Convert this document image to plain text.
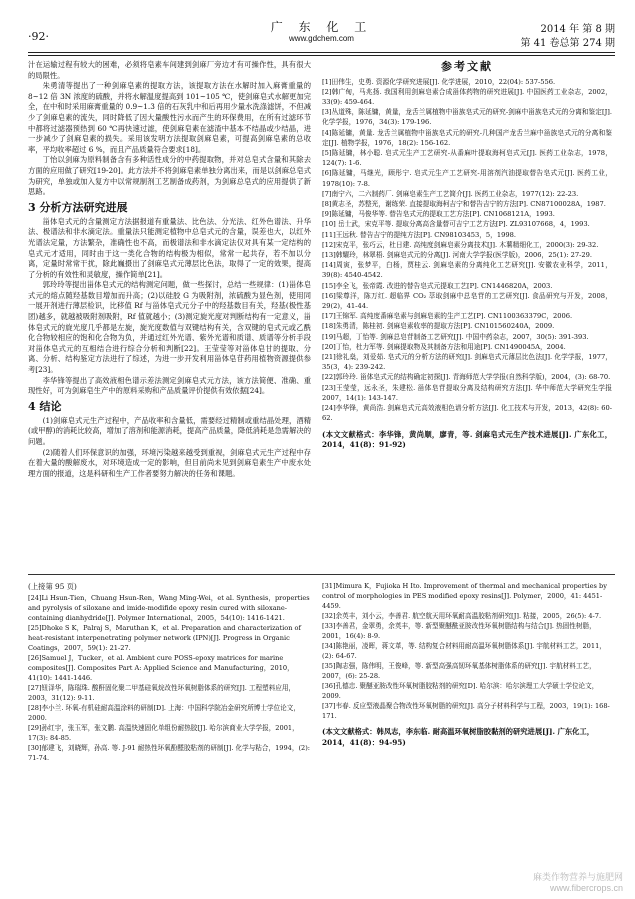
·92·
广 东 化 工
www.gdchem.com
2014 年 第 8 期
第 41 卷总第 274 期

汁在运输过程有较大的困难，必须将皂素车间建到剑麻厂旁边才有可操作性，具有很大的局限性。

朱勇清等提出了一种剑麻皂素的提取方法，该提取方法在水解时加入麻膏重量的 8~12 倍 3N 浓度的硫酸，并将水解温度提高到 101~105 ℃，使剑麻皂式水解更加完全，在中和时采用麻膏重量的 0.9~1.3 倍的石灰乳中和后再用少量水洗涤滤饼，不但减少了剑麻皂素的流失，同时降低了因大量酸性污水而产生的环保费用，在所有过滤环节中都将过滤器预热到 60 ℃再快速过滤，使剑麻皂素在滤渣中基本不结晶或少结晶，进一步减少了剑麻皂素的损失。采用该发明方法提取剑麻皂素，可提高剑麻皂素的总收率，平均收率超过 6 %，而且产品质量符合要求[18]。

丁怡以剑麻为原料制备含有多种活性成分的中药提取物，并对总皂式含量和其除去方面的应用做了研究[19-20]。此方法并不将剑麻皂素单独分离出来，而是以剑麻总皂式为研究，单独或加入复方中以常规制剂工艺制备成药剂，为剑麻总皂式的应用提供了新思路。

3 分析方法研究进展

甾体皂式元的含量测定方法据报道有重量法、比色法、分光法、红外色谱法、升华法、极谱法和非水滴定法。重量法只能测定植物中总皂式元的含量，误差也大，以红外光谱法定量，方法繁杂，准确性也不高，而极谱法和非水滴定法仅对具有某一定结构的皂式元才适用，同时由于这一类化合物的结构极为相似，常常一起共存，若不加以分离，定量时常常干扰，除此巍摄出了剑麻皂式元薄层比色法，取得了一定的效果，提高了分析的有效性和灵敏度，操作简单[21]。

郭玲玲等提出甾体皂式元的结构测定问题，做一些探讨，总结一些规律：(1)甾体皂式元的熔点随羟基数目增加而升高；(2)以硅胶 G 为吸附剂，浓硫酸为显色剂，使用同一展开剂进行薄层检识，比移值 Rf 与甾体皂式元分子中的羟基数目有关，羟基(极性基团)越多，就越被吸附剂吸附，Rf 值就越小；(3)测定旋光度对判断结构有一定意义，甾体皂式元的旋光度几乎都是左旋，旋光度数值与双键结构有关，含双键的皂式元或乙酰化合物较相应的饱和化合物为负，并通过红外光谱、紫外光谱和质谱、质谱等分析手段对甾体皂式元的互相结合进行综合分析和判断[22]。王莹莹等对甾体皂甘的提取、分离、分析、结构鉴定方法进行了综述，为进一步开发利用甾体皂苷药用植物资源提供参考[23]。

李华锋等提出了高效液相色谱示差法测定剑麻皂式元方法，该方法简便、准确、重现性好，可为剑麻皂生产中的原料采购和产品质量评价提供有效依据[24]。

4 结论

(1)剑麻皂式元生产过程中，产品收率和含量低，需要经过精制或重结晶处理，酒精(或甲醇)的消耗比较高，增加了溶剂和能源消耗，提高产品质量，降低消耗是急需解决的问题。

(2)随着人们环保意识的加强，环境污染越来越受到重视，剑麻皂式元生产过程中存在着大量的酸解废水，对环境造成一定的影响，但目前尚未见到剑麻皂素生产中废水处理方面的报道，这是科研和生产工作者要努力解决的任务和课题。

参考文献
[1]田伟生，史勇. 资源化学研究进展[J]. 化学进展，2010，22(04): 537-556.
[2]韩广甸，马兆扬. 我国利用剑麻皂素合成甾体药物的研究进展[J]. 中国医药工业杂志，2002，33(9): 459-464.
[3]丛道殊，陈延镛，黄量，龙舌兰属植物中甾族皂式元的研究-剑麻中甾族皂式元的分离和鉴定[J]. 化学学报，1976，34(3): 179-196.
[4]陈延镛，黄量. 龙舌兰属植物中甾族皂式元的研究-几种国产龙舌兰麻中甾族皂式元的分离和鉴定[J]. 植物学报，1976，18(2): 156-162.
[5]陈延镛，林小聪. 皂式元生产工艺研究-从番麻叶提取海柯皂式元[J]. 医药工业杂志，1978，124(7): 1-6.
[6]陈延镛，马继光，顾彤宁. 皂式元生产工艺研究-用溶剂汽油提取替告皂式元[J]. 医药工业，1978(10): 7-8.
[7]南宁六，二六制药厂. 剑麻皂素生产工艺简介[J]. 医药工业杂志，1977(12): 22-23.
[8]黄志圣，苏整光，谢练荣. 直接提取海柯吉宁和替告吉宁的方法[P]. CN87100028A，1987.
[9]陈延镛，马俊华等. 替告皂式元的提取工艺方法[P]. CN1068121A，1993.
[10] 岳士武，宋克平等. 提取分离高含量替可吉宁工艺方法[P]. ZL93107668，4，1993.
[11]王远秋. 替告吉宁的提纯方法[P]. CN98103453，5，1998.
[12]宋克平，张巧云，杜日建. 高纯度剑麻皂素分离技术[J]. 木薯精细化工，2000(3): 29-32.
[13]韩耀玲，林翠梧. 剑麻皂式元的分离[J]. 河南大学学报(医学版)，2006，25(1): 27-29.
[14]周寅，张梦平，白杨，贾桂云. 剑麻皂素的分离纯化工艺研究[J]. 安徽农业科学，2011，39(8): 4540-4542.
[15]李全飞，张帝霞. 改进的替告皂式元提取工艺[P]. CN1446820A，2003.
[16]梁尊洋，陈万红. 超临界 CO₂ 萃取剑麻中总皂苷的工艺研究[J]. 食品研究与开发，2008，29(2)，41-44.
[17]王锦军. 高纯度番麻皂素与剑麻皂素的生产工艺[P]. CN1100363379C，2006.
[18]朱勇清，陈桂初. 剑麻皂素收率的提取方法[P]. CN101560240A，2009.
[19]马超，丁怡等. 剑麻总皂苷制备工艺研究[J]. 中国中药杂志，2007，30(5): 391-393.
[20]丁怡，杜力军等. 剑麻提取物及其制备方法和用途[P]. CN1490045A，2004.
[21]徐礼燊，刘爱茹. 皂式元的分析方法的研究[J]. 剑麻皂式元薄层比色法[J]. 化学学报，1977，35(3，4): 239-242.
[22]郭玲玲. 甾体皂式元的结构确定初探[J]. 青海师范大学学报(自然科学版)，2004，(3): 68-70.
[23]王莹莹，远永圣，朱建松. 甾体皂苷提取分离及结构研究方法[J]. 华中师范大学研究生学报 2007，14(1): 143-147.
[24]李华锋，黄尚浩. 剑麻皂式元高效液相色谱分析方法[J]. 化工技术与开发，2013，42(8): 60-62.
(本文文献格式：李华锋，黄尚顺，廖青，等. 剑麻皂式元生产技术进展[J]. 广东化工，2014，41(8)：91-92)
(上接第 95 页)
[24]Li Hsun-Tien，Chuang Hsun-Ren，Wang Ming-Wei，et al. Synthesis，properties and pyrolysis of siloxane and imide-modifide epoxy resin cured with siloxane-containing dianhydride[J]. Polymer International，2005，54(10): 1416-1421.
[25]Dhoke S K，Palraj S，Maruthan K，et al. Preparation and characterization of heat-resistant interpenetrating polymer network (IPN)[J]. Progress in Organic Coatings，2007，59(1): 21-27.
[26]Samuel J，Tucker，et al. Ambient cure POSS-epoxy matrices for marine composites[J]. Composites Part A: Applied Science and Manufacturing，2010，41(10): 1441-1446.
[27]钮泽华，陈瑞珠. 酸酐固化聚二甲基硅氧烷改性环氧树脂体系的研究[J]. 工程塑料应用，2003，31(12): 9-11.
[28]李小兰. 环氧-有机硅耐高温涂料的研制[D]. 上海：中国科学院冶金研究所博士学位论文，2000.
[29]孙红宇，张玉军，张文鹏. 高温快速固化单组份耐热胶[J]. 哈尔滨商业大学学报，2001，17(3): 84-85.
[30]郁建飞，刘晓辉，孙高. 等. J-91 耐热性环氧酚醛胶粘剂的研制[J]. 化学与粘合，1994，(2): 71-74.
[31]Mimura K，Fujioka H Ito. Improvement of thermal and mechanical properties by control of morphologies in PES modified epoxy resins[J]. Polymer，2000，41: 4451-4459.
[32]余英丰，刘小云，李善君. 航空航天用环氧耐高温胶粘剂研究[J]. 粘接，2005，26(5): 4-7.
[33]李善君，金翠勇，余英丰，等. 新型聚醚酰亚胺改性环氧树脂结构与结合[J]. 热固性树脂，2001，16(4): 8-9.
[34]陈艳丽，凌晖，蒋文革，等. 结构复合材料用耐高温环氧树脂体系[J]. 宇航材料工艺，2011，(2): 64-67.
[35]陶志强，陈伟明，王俊峰，等. 新型高强高韧环氧基体树脂体系的研究[J]. 宇航材料工艺，2007，(6): 25-28.
[36]孔德忠. 聚醚亚胺改性环氧树脂胶粘剂的研究[D]. 哈尔滨：哈尔滨理工大学硕士学位论文，2009.
[37]韦春. 反应型液晶聚合物改性环氧树脂的研究[J]. 高分子材料科学与工程，2003，19(1): 168-171.
(本文文献格式：韩凤志，李东临. 耐高温环氧树脂胶黏剂的研究进展[J]. 广东化工，2014，41(8)：94-95)
麻类作物营养与施肥网
www.fibercrops.cn
